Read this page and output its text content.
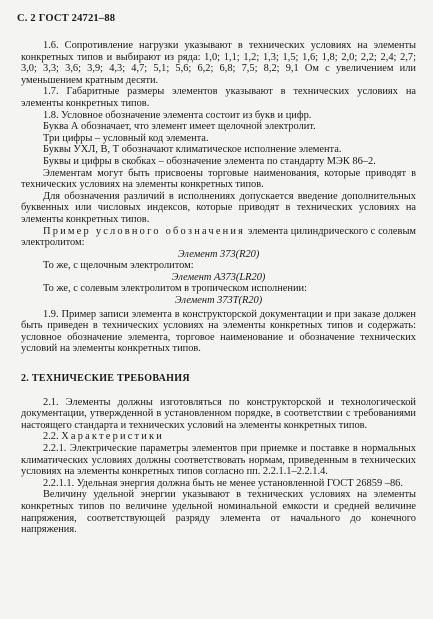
С. 2 ГОСТ 24721–88

1.6. Сопротивление нагрузки указывают в технических условиях на элементы конкретных типов и выбирают из ряда: 1,0; 1,1; 1,2; 1,3; 1,5; 1,6; 1,8; 2,0; 2,2; 2,4; 2,7; 3,0; 3,3; 3,6; 3,9; 4,3; 4,7; 5,1; 5,6; 6,2; 6,8; 7,5; 8,2; 9,1 Ом с увеличением или уменьшением кратным десяти.

1.7. Габаритные размеры элементов указывают в технических условиях на элементы конкретных типов.

1.8. Условное обозначение элемента состоит из букв и цифр.

Буква А обозначает, что элемент имеет щелочной электролит.

Три цифры – условный код элемента.

Буквы УХЛ, В, Т обозначают климатическое исполнение элемента.

Буквы и цифры в скобках – обозначение элемента по стандарту МЭК 86–2.

Элементам могут быть присвоены торговые наименования, которые приводят в технических условиях на элементы конкретных типов.

Для обозначения различий в исполнениях допускается введение дополнительных буквенных или числовых индексов, которые приводят в технических условиях на элементы конкретных типов.

Пример условного обозначения элемента цилиндрического с солевым электролитом:

Элемент 373(R20)

То же, с щелочным электролитом:

Элемент А373(LR20)

То же, с солевым электролитом в тропическом исполнении:

Элемент 373Т(R20)

1.9. Пример записи элемента в конструкторской документации и при заказе должен быть приведен в технических условиях на элементы конкретных типов и содержать: условное обозначение элемента, торговое наименование и обозначение технических условий на элементы конкретных типов.

2. ТЕХНИЧЕСКИЕ ТРЕБОВАНИЯ

2.1. Элементы должны изготовляться по конструкторской и технологической документации, утвержденной в установленном порядке, в соответствии с требованиями настоящего стандарта и технических условий на элементы конкретных типов.

2.2. Характеристики

2.2.1. Электрические параметры элементов при приемке и поставке в нормальных климатических условиях должны соответствовать нормам, приведенным в технических условиях на элементы конкретных типов согласно пп. 2.2.1.1–2.2.1.4.

2.2.1.1. Удельная энергия должна быть не менее установленной ГОСТ 26859 –86.

Величину удельной энергии указывают в технических условиях на элементы конкретных типов по величине удельной номинальной емкости и средней величине напряжения, соответствующей разряду элемента от начального до конечного напряжения.
